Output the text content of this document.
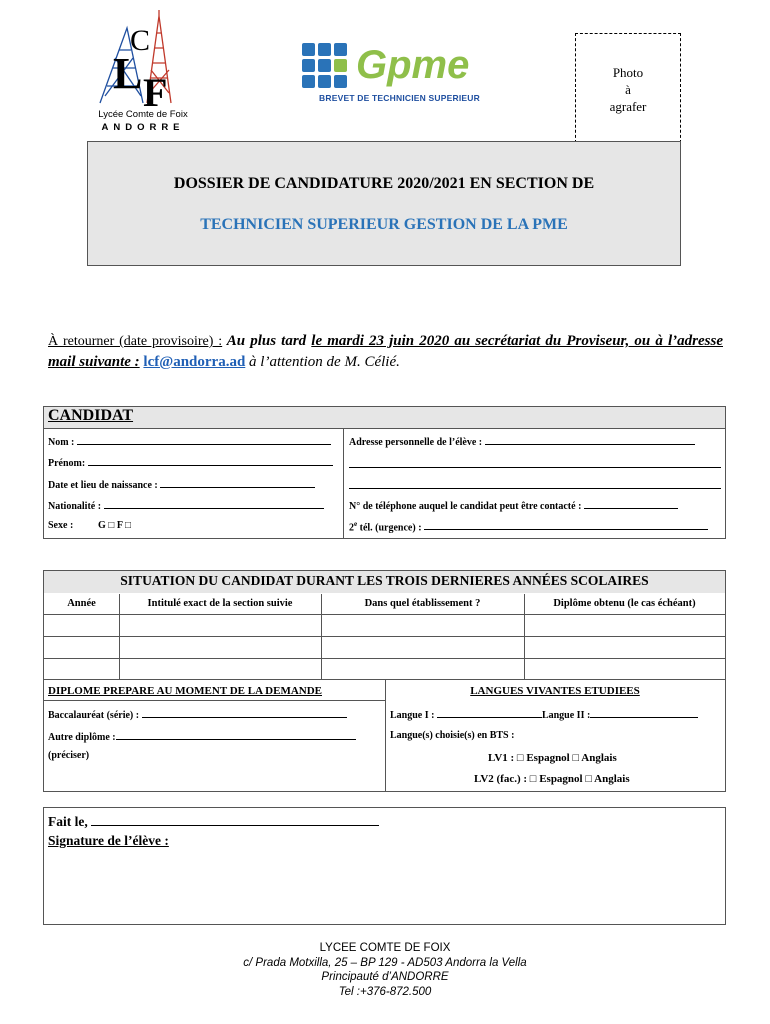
L
C
F
Lycée Comte de Foix
ANDORRE
Gpme
BREVET DE TECHNICIEN SUPERIEUR
Photo
à
agrafer
DOSSIER DE CANDIDATURE 2020/2021 EN SECTION DE
TECHNICIEN SUPERIEUR GESTION DE LA PME
À retourner (date provisoire) : Au plus tard le mardi 23 juin 2020 au secrétariat du Proviseur, ou à l’adresse mail suivante : lcf@andorra.ad à l’attention de M. Célié.
CANDIDAT
Nom :
Prénom:
Date et lieu de naissance :
Nationalité :
Sexe : G □ F □
Adresse personnelle de l’élève :
N° de téléphone auquel le candidat peut être contacté :
2e tél. (urgence) :
SITUATION DU CANDIDAT DURANT LES TROIS DERNIERES ANNÉES SCOLAIRES
Année	Intitulé exact de la section suivie	Dans quel établissement ?	Diplôme obtenu (le cas échéant)
DIPLOME PREPARE AU MOMENT DE LA DEMANDE
Baccalauréat (série) :
Autre diplôme :
(préciser)
LANGUES VIVANTES ETUDIEES
Langue I :	Langue II :
Langue(s) choisie(s) en BTS :
LV1 : □ Espagnol □ Anglais
LV2 (fac.) : □ Espagnol □ Anglais
Fait le,
Signature de l’élève :
LYCEE COMTE DE FOIX
c/ Prada Motxilla, 25 – BP 129 - AD503 Andorra la Vella
Principauté d’ANDORRE
Tel :+376-872.500
